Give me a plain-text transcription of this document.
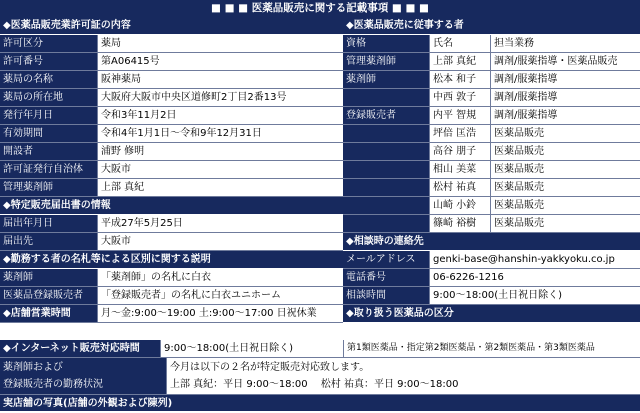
■ ■ ■ 医薬品販売に関する記載事項 ■ ■ ■
◆医薬品販売業許可証の内容
許可区分	薬局
許可番号	第A06415号
薬局の名称	阪神薬局
薬局の所在地	大阪府大阪市中央区道修町2丁目2番13号
発行年月日	令和3年11月2日
有効期間	令和4年1月1日～令和9年12月31日
開設者	浦野 修明
許可証発行自治体	大阪市
管理薬剤師	上部 真紀
◆特定販売届出書の情報
届出年月日	平成27年5月25日
届出先	大阪市
◆勤務する者の名札等による区別に関する説明
薬剤師	「薬剤師」の名札に白衣
医薬品登録販売者	「登録販売者」の名札に白衣ユニホーム
◆店舗営業時間	月～金:9:00～19:00 土:9:00～17:00 日祝休業
◆医薬品販売に従事する者
資格	氏名	担当業務
管理薬剤師	上部 真紀	調剤/服薬指導・医薬品販売
薬剤師	松本 和子	調剤/服薬指導
中西 敦子	調剤/服薬指導
登録販売者	内平 智規	調剤/服薬指導
坪倍 匡浩	医薬品販売
高谷 朋子	医薬品販売
相山 美菜	医薬品販売
松村 祐真	医薬品販売
山崎 小鈴	医薬品販売
篠崎 裕樹	医薬品販売
◆相談時の連絡先
メールアドレス	genki-base@hanshin-yakkyoku.co.jp
電話番号	06-6226-1216
相談時間	9:00～18:00(土日祝日除く)
◆取り扱う医薬品の区分
◆インターネット販売対応時間	9:00～18:00(土日祝日除く)	第1類医薬品・指定第2類医薬品・第2類医薬品・第3類医薬品
薬剤師および
登録販売者の勤務状況
今月は以下の２名が特定販売対応致します。
上部 真紀：平日 9:00～18:00　 松村 祐真：平日 9:00～18:00
実店舗の写真(店舗の外観および陳列)
